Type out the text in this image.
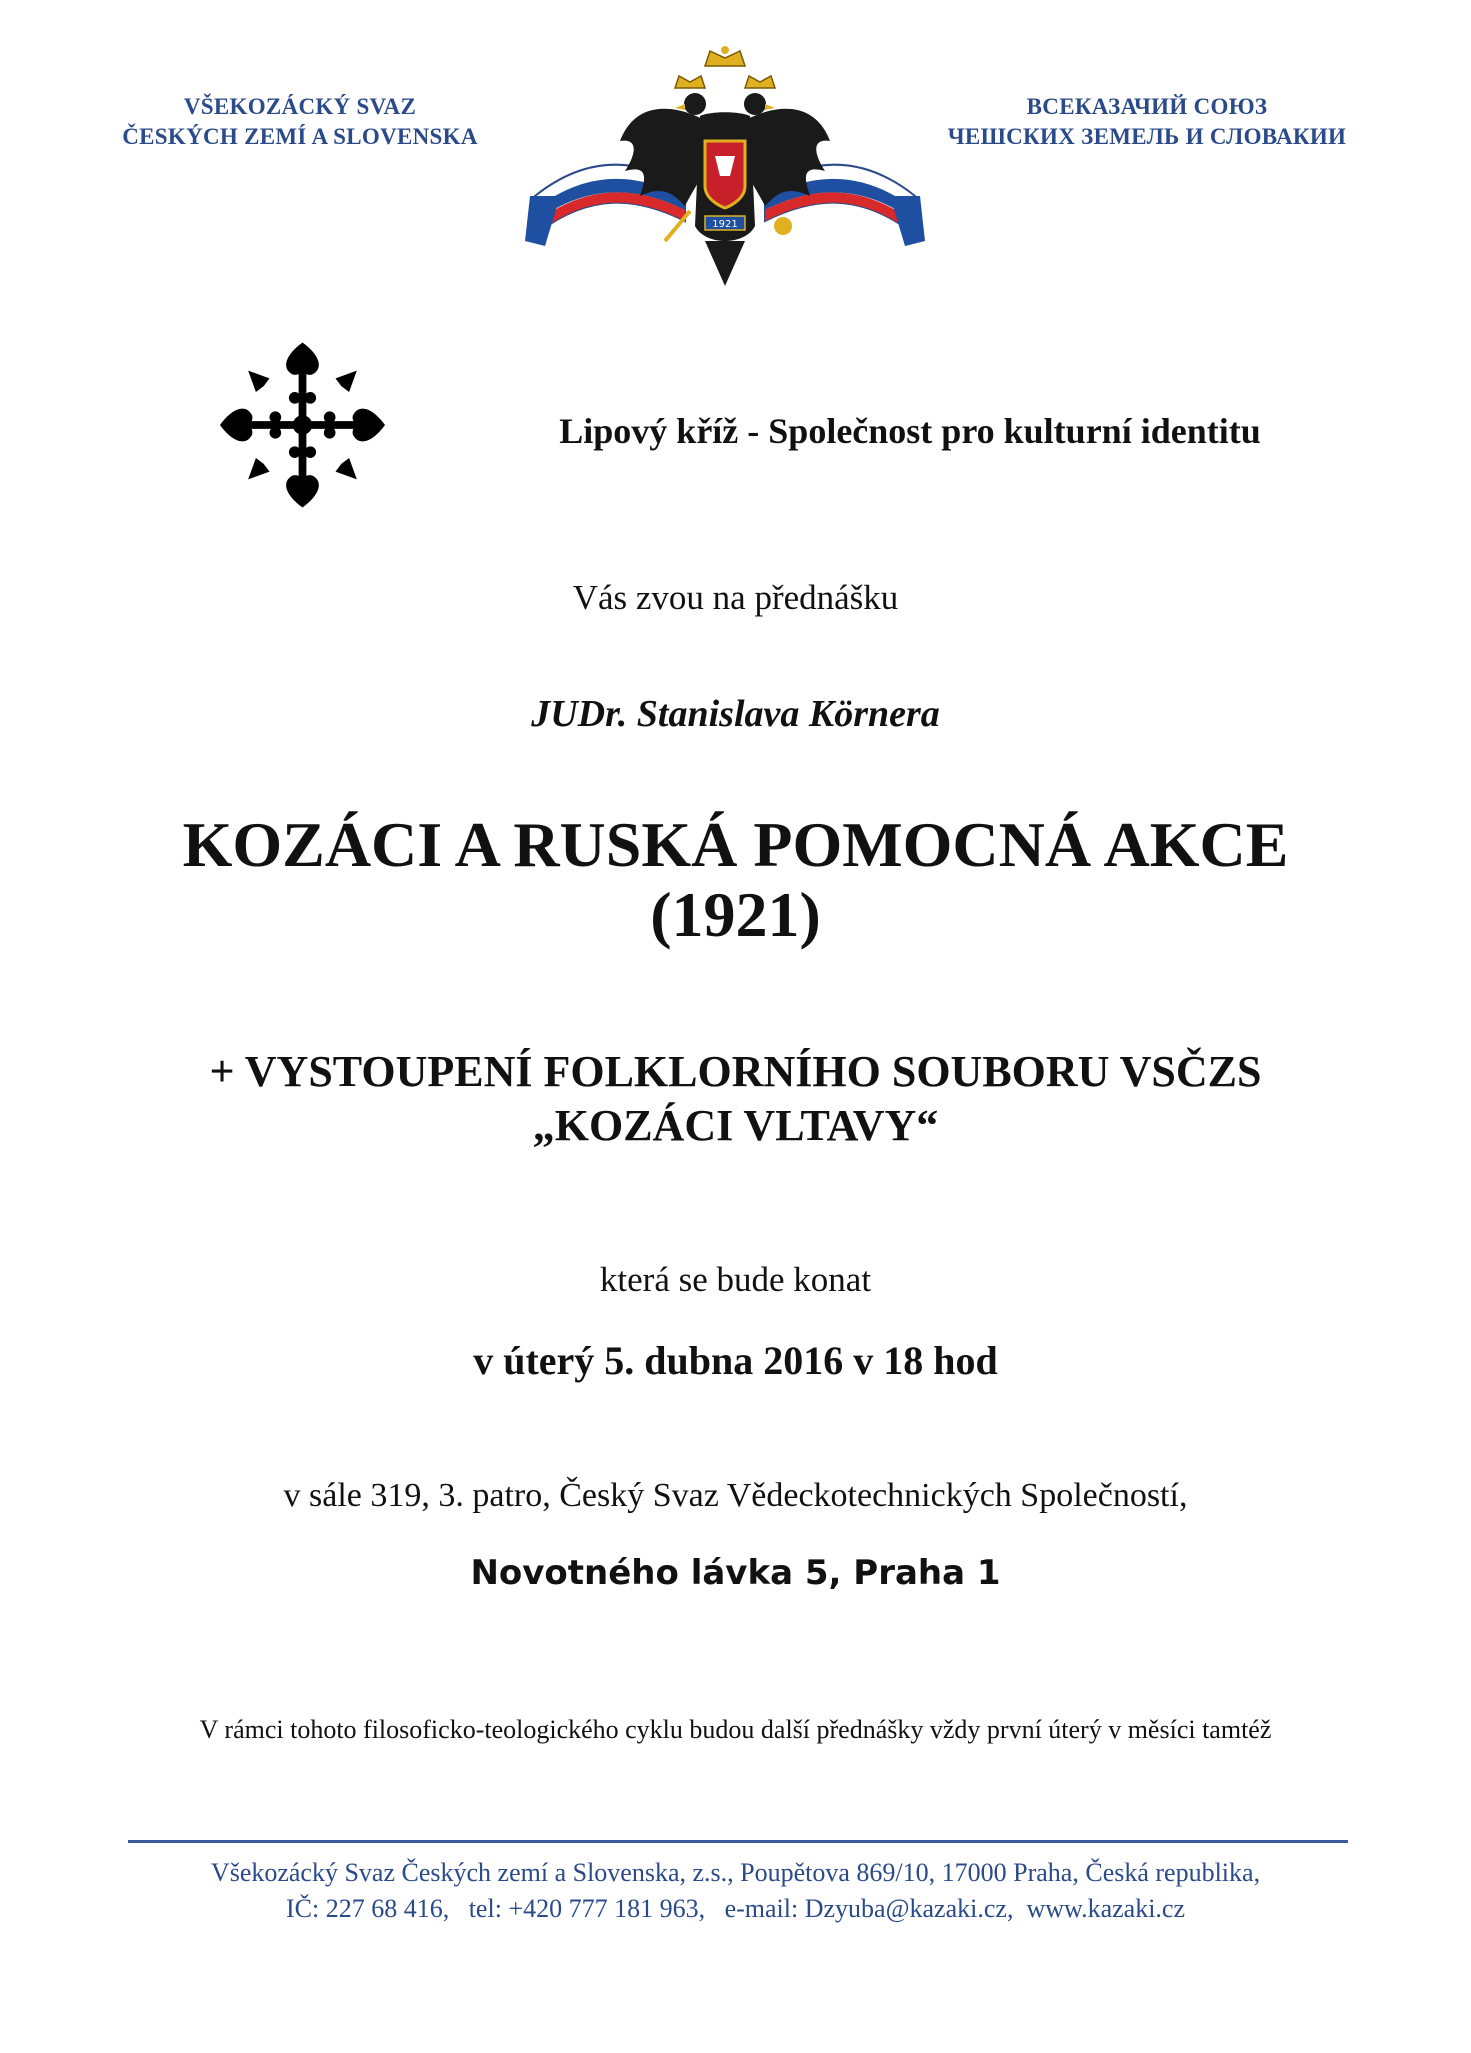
VŠEKOZÁCKÝ SVAZ
ČESKÝCH ZEMÍ A SLOVENSKA
ВСЕКАЗАЧИЙ СОЮЗ
ЧЕШСКИХ ЗЕМЕЛЬ И СЛОВАКИИ
1921
Lipový kříž - Společnost pro kulturní identitu
Vás zvou na přednášku
JUDr. Stanislava Körnera
KOZÁCI A RUSKÁ POMOCNÁ AKCE
(1921)
+ VYSTOUPENÍ FOLKLORNÍHO SOUBORU VSČZS
„KOZÁCI VLTAVY“
která se bude konat
v úterý 5. dubna 2016 v 18 hod
v sále 319, 3. patro, Český Svaz Vědeckotechnických Společností,
Novotného lávka 5, Praha 1
V rámci tohoto filosoficko-teologického cyklu budou další přednášky vždy první úterý v měsíci tamtéž
Všekozácký Svaz Českých zemí a Slovenska, z.s., Poupětova 869/10, 17000 Praha, Česká republika,
IČ: 227 68 416,   tel: +420 777 181 963,   e-mail: Dzyuba@kazaki.cz,  www.kazaki.cz
